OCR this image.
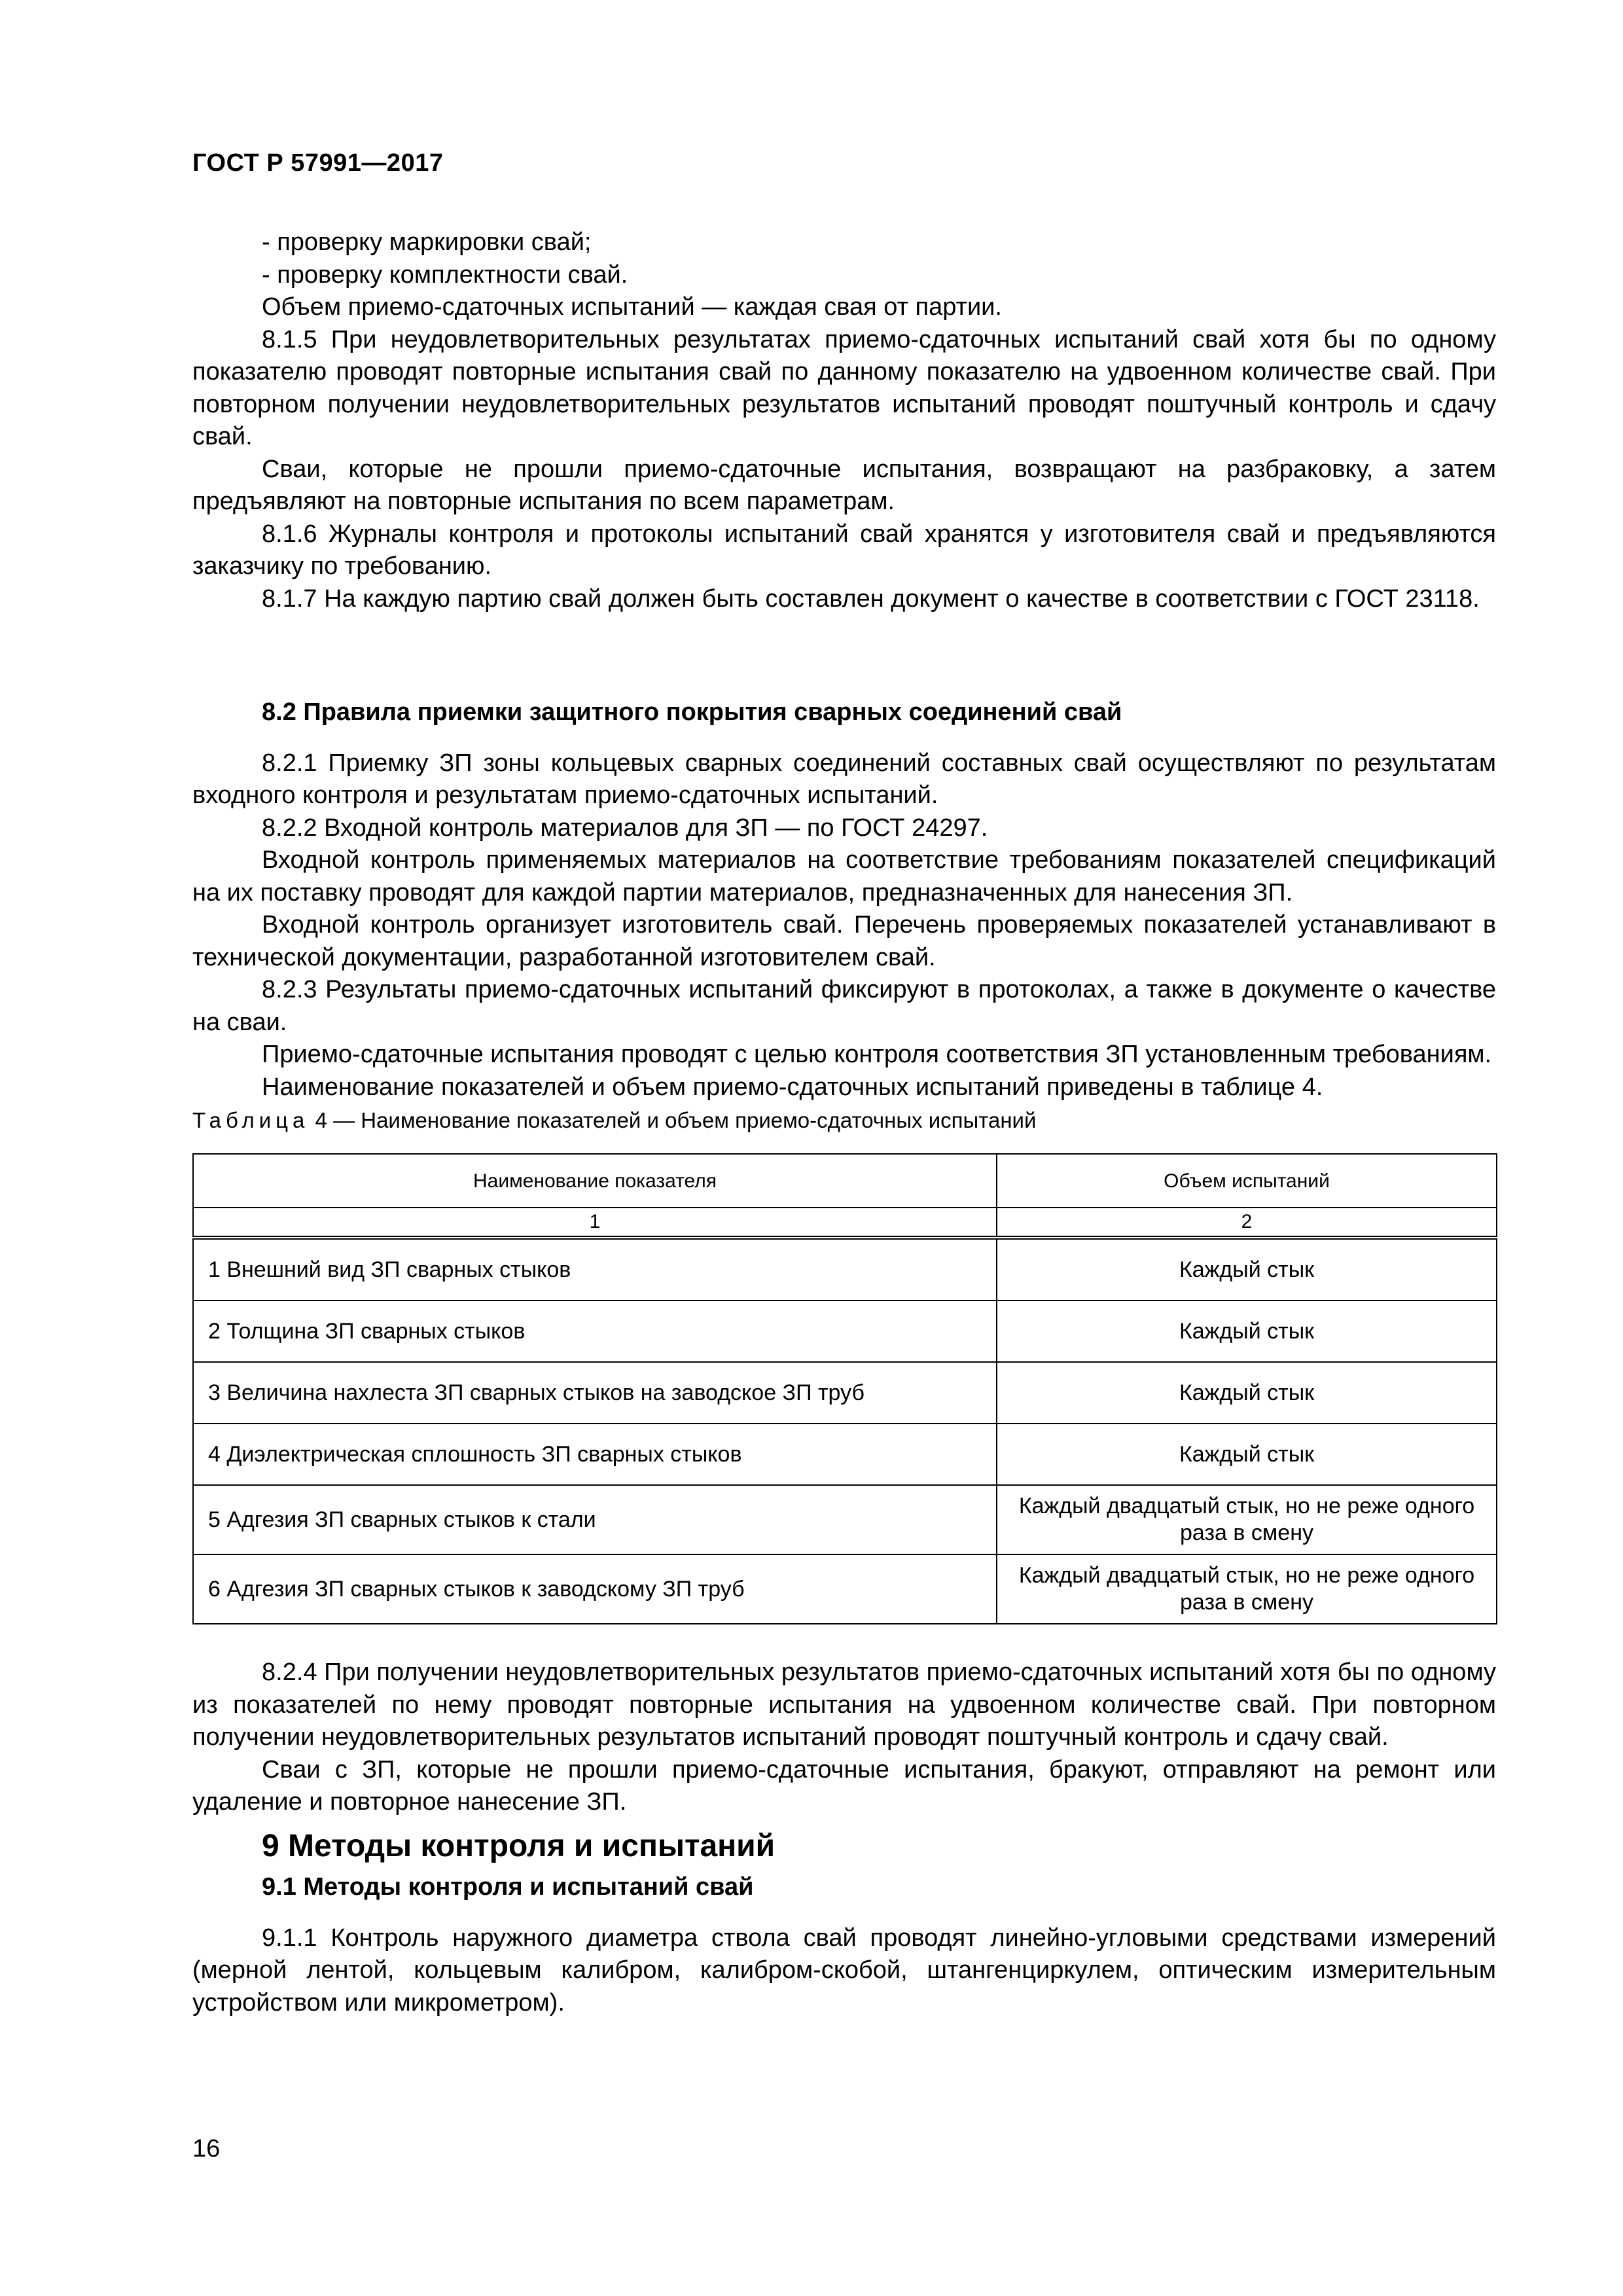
ГОСТ Р 57991—2017

- проверку маркировки свай;

- проверку комплектности свай.

Объем приемо-сдаточных испытаний — каждая свая от партии.

8.1.5 При неудовлетворительных результатах приемо-сдаточных испытаний свай хотя бы по одному показателю проводят повторные испытания свай по данному показателю на удвоенном количестве свай. При повторном получении неудовлетворительных результатов испытаний проводят поштучный контроль и сдачу свай.

Сваи, которые не прошли приемо-сдаточные испытания, возвращают на разбраковку, а затем предъявляют на повторные испытания по всем параметрам.

8.1.6 Журналы контроля и протоколы испытаний свай хранятся у изготовителя свай и предъявляются заказчику по требованию.

8.1.7 На каждую партию свай должен быть составлен документ о качестве в соответствии с ГОСТ 23118.

8.2 Правила приемки защитного покрытия сварных соединений свай

8.2.1 Приемку ЗП зоны кольцевых сварных соединений составных свай осуществляют по результатам входного контроля и результатам приемо-сдаточных испытаний.

8.2.2 Входной контроль материалов для ЗП — по ГОСТ 24297.

Входной контроль применяемых материалов на соответствие требованиям показателей спецификаций на их поставку проводят для каждой партии материалов, предназначенных для нанесения ЗП.

Входной контроль организует изготовитель свай. Перечень проверяемых показателей устанавливают в технической документации, разработанной изготовителем свай.

8.2.3 Результаты приемо-сдаточных испытаний фиксируют в протоколах, а также в документе о качестве на сваи.

Приемо-сдаточные испытания проводят с целью контроля соответствия ЗП установленным требованиям.

Наименование показателей и объем приемо-сдаточных испытаний приведены в таблице 4.

Таблица 4 — Наименование показателей и объем приемо-сдаточных испытаний
Наименование показателя	Объем испытаний
1	2
1 Внешний вид ЗП сварных стыков	Каждый стык
2 Толщина ЗП сварных стыков	Каждый стык
3 Величина нахлеста ЗП сварных стыков на заводское ЗП труб	Каждый стык
4 Диэлектрическая сплошность ЗП сварных стыков	Каждый стык
5 Адгезия ЗП сварных стыков к стали	Каждый двадцатый стык, но не реже одного раза в смену
6 Адгезия ЗП сварных стыков к заводскому ЗП труб	Каждый двадцатый стык, но не реже одного раза в смену

8.2.4 При получении неудовлетворительных результатов приемо-сдаточных испытаний хотя бы по одному из показателей по нему проводят повторные испытания на удвоенном количестве свай. При повторном получении неудовлетворительных результатов испытаний проводят поштучный контроль и сдачу свай.

Сваи с ЗП, которые не прошли приемо-сдаточные испытания, бракуют, отправляют на ремонт или удаление и повторное нанесение ЗП.

9 Методы контроля и испытаний

9.1 Методы контроля и испытаний свай

9.1.1 Контроль наружного диаметра ствола свай проводят линейно-угловыми средствами измерений (мерной лентой, кольцевым калибром, калибром-скобой, штангенциркулем, оптическим измерительным устройством или микрометром).

16
